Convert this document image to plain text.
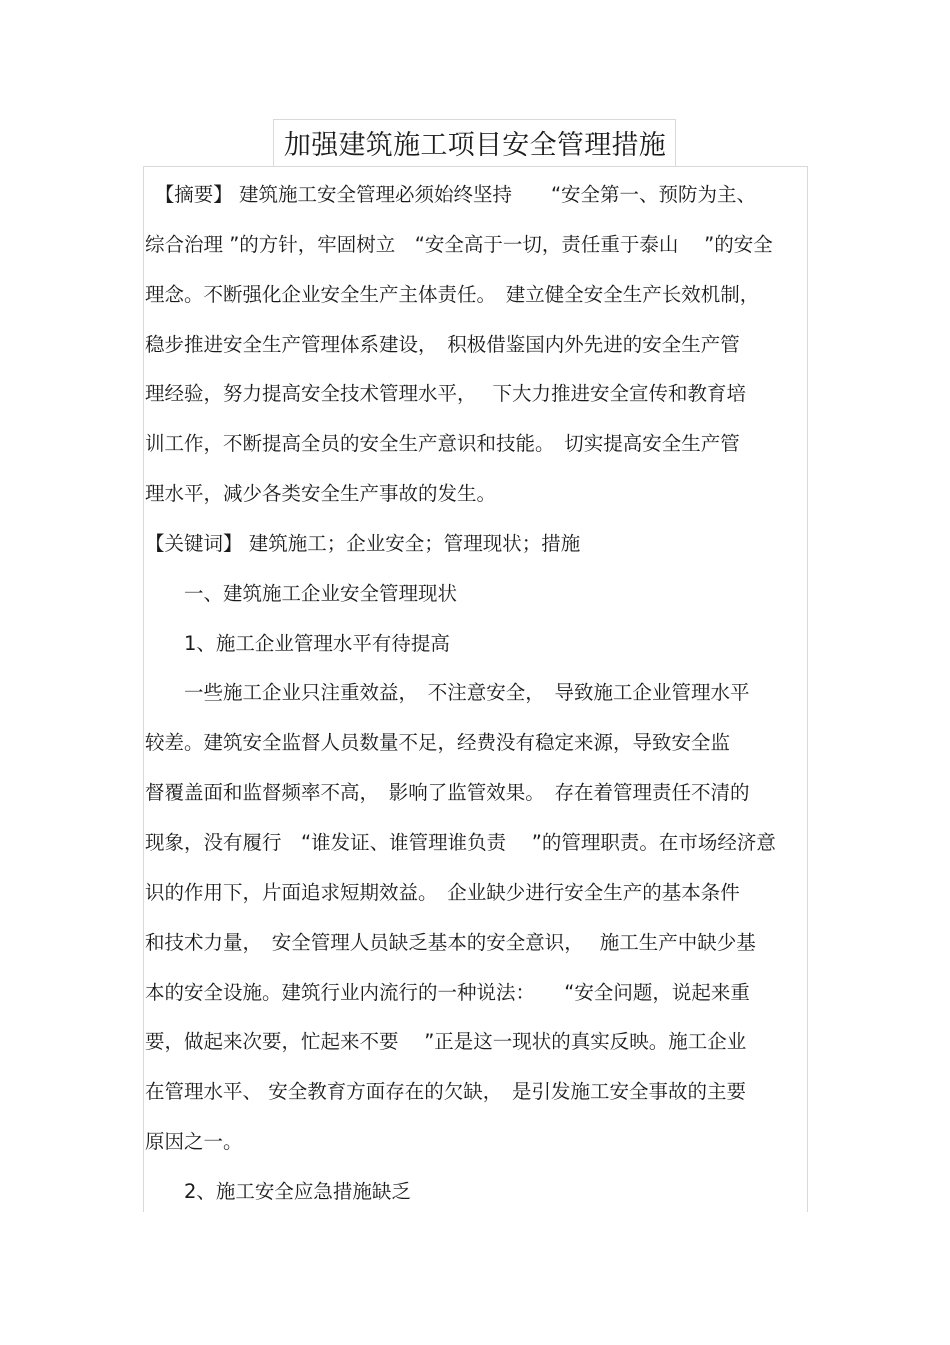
加强建筑施工项目安全管理措施
　【摘要】 建筑施工安全管理必须始终坚持　　“安全第一、预防为主、
综合治理 ”的方针，牢固树立　“安全高于一切，责任重于泰山　 ”的安全
理念。不断强化企业安全生产主体责任。　建立健全安全生产长效机制，
稳步推进安全生产管理体系建设，　积极借鉴国内外先进的安全生产管
理经验，努力提高安全技术管理水平，　 下大力推进安全宣传和教育培
训工作，不断提高全员的安全生产意识和技能。　切实提高安全生产管
理水平，减少各类安全生产事故的发生。
【关键词】 建筑施工；企业安全；管理现状；措施
　　一、建筑施工企业安全管理现状
　　1、施工企业管理水平有待提高
　　一些施工企业只注重效益，　不注意安全，　导致施工企业管理水平
较差。建筑安全监督人员数量不足，经费没有稳定来源，导致安全监
督覆盖面和监督频率不高，　影响了监管效果。　存在着管理责任不清的
现象，没有履行　“谁发证、谁管理谁负责　 ”的管理职责。在市场经济意
识的作用下，片面追求短期效益。　企业缺少进行安全生产的基本条件
和技术力量，　安全管理人员缺乏基本的安全意识，　 施工生产中缺少基
本的安全设施。建筑行业内流行的一种说法：　　“安全问题，说起来重
要，做起来次要，忙起来不要　 ”正是这一现状的真实反映。施工企业
在管理水平、 安全教育方面存在的欠缺，　是引发施工安全事故的主要
原因之一。
　　2、施工安全应急措施缺乏
